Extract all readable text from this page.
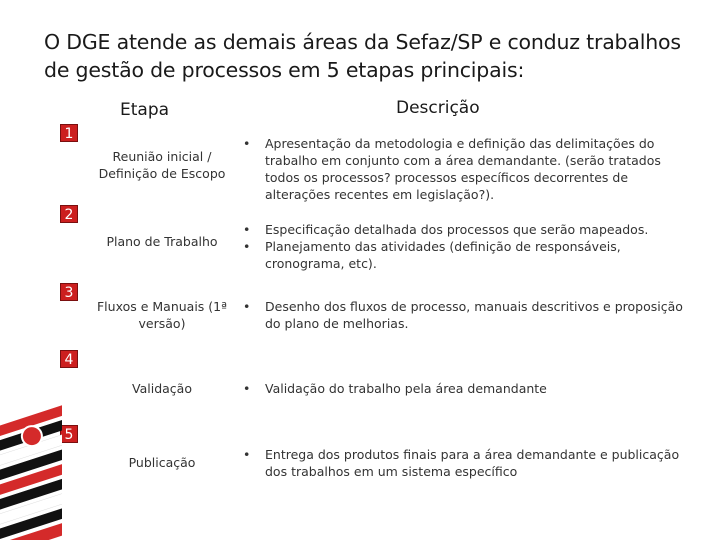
O DGE atende as demais áreas da Sefaz/SP e conduz trabalhos de gestão de processos em 5 etapas principais:
Etapa	Descrição
1
2
3
4
5
Reunião inicial / Definição de Escopo
Plano de Trabalho
Fluxos e Manuais (1ª versão)
Validação
Publicação
• Apresentação da metodologia e definição das delimitações do trabalho em conjunto com a área demandante. (serão tratados todos os processos? processos específicos decorrentes de alterações recentes em legislação?).
• Especificação detalhada dos processos que serão mapeados.
• Planejamento das atividades (definição de responsáveis, cronograma, etc).
• Desenho dos fluxos de processo, manuais descritivos e proposição do plano de melhorias.
• Validação do trabalho pela área demandante
• Entrega dos produtos finais para a área demandante e publicação dos trabalhos em um sistema específico
